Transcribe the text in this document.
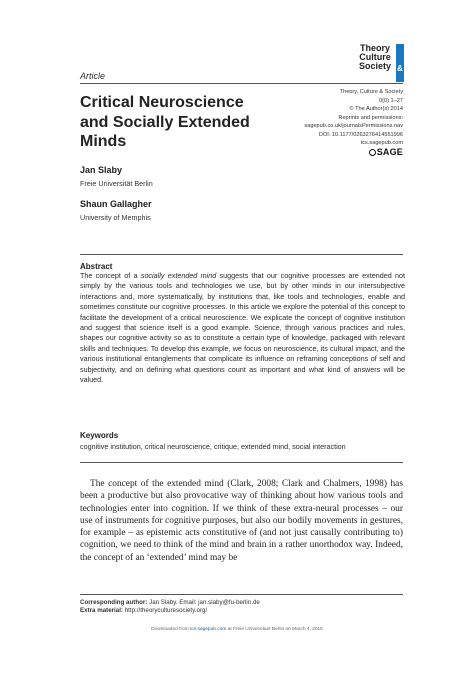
Theory
Culture
Society &
Article
Theory, Culture & Society
0(0) 1–27
© The Author(s) 2014
Reprints and permissions:
sagepub.co.uk/journalsPermissions.nav
DOI: 10.1177/0263276414551996
tcs.sagepub.com
SAGE
Critical Neuroscience
and Socially Extended
Minds
Jan Slaby
Freie Universität Berlin
Shaun Gallagher
University of Memphis
Abstract
The concept of a socially extended mind suggests that our cognitive processes are extended not simply by the various tools and technologies we use, but by other minds in our intersubjective interactions and, more systematically, by institutions that, like tools and technologies, enable and sometimes constitute our cognitive processes. In this article we explore the potential of this concept to facilitate the development of a critical neuroscience. We explicate the concept of cognitive institution and suggest that science itself is a good example. Science, through various practices and rules, shapes our cognitive activity so as to constitute a certain type of knowledge, packaged with relevant skills and techniques. To develop this example, we focus on neuroscience, its cultural impact, and the various institutional entanglements that complicate its influence on reframing conceptions of self and subjectivity, and on defining what questions count as important and what kind of answers will be valued.
Keywords
cognitive institution, critical neuroscience, critique, extended mind, social interaction
The concept of the extended mind (Clark, 2008; Clark and Chalmers, 1998) has been a productive but also provocative way of thinking about how various tools and technologies enter into cognition. If we think of these extra-neural processes – our use of instruments for cognitive purposes, but also our bodily movements in gestures, for example – as epistemic acts constitutive of (and not just causally contributing to) cognition, we need to think of the mind and brain in a rather unorthodox way. Indeed, the concept of an ‘extended’ mind may be
Corresponding author: Jan Slaby. Email: jan.slaby@fu-berlin.de
Extra material: http://theoryculturesociety.org/
Downloaded from tcs.sagepub.com at Freie Universitaet Berlin on March 4, 2015
